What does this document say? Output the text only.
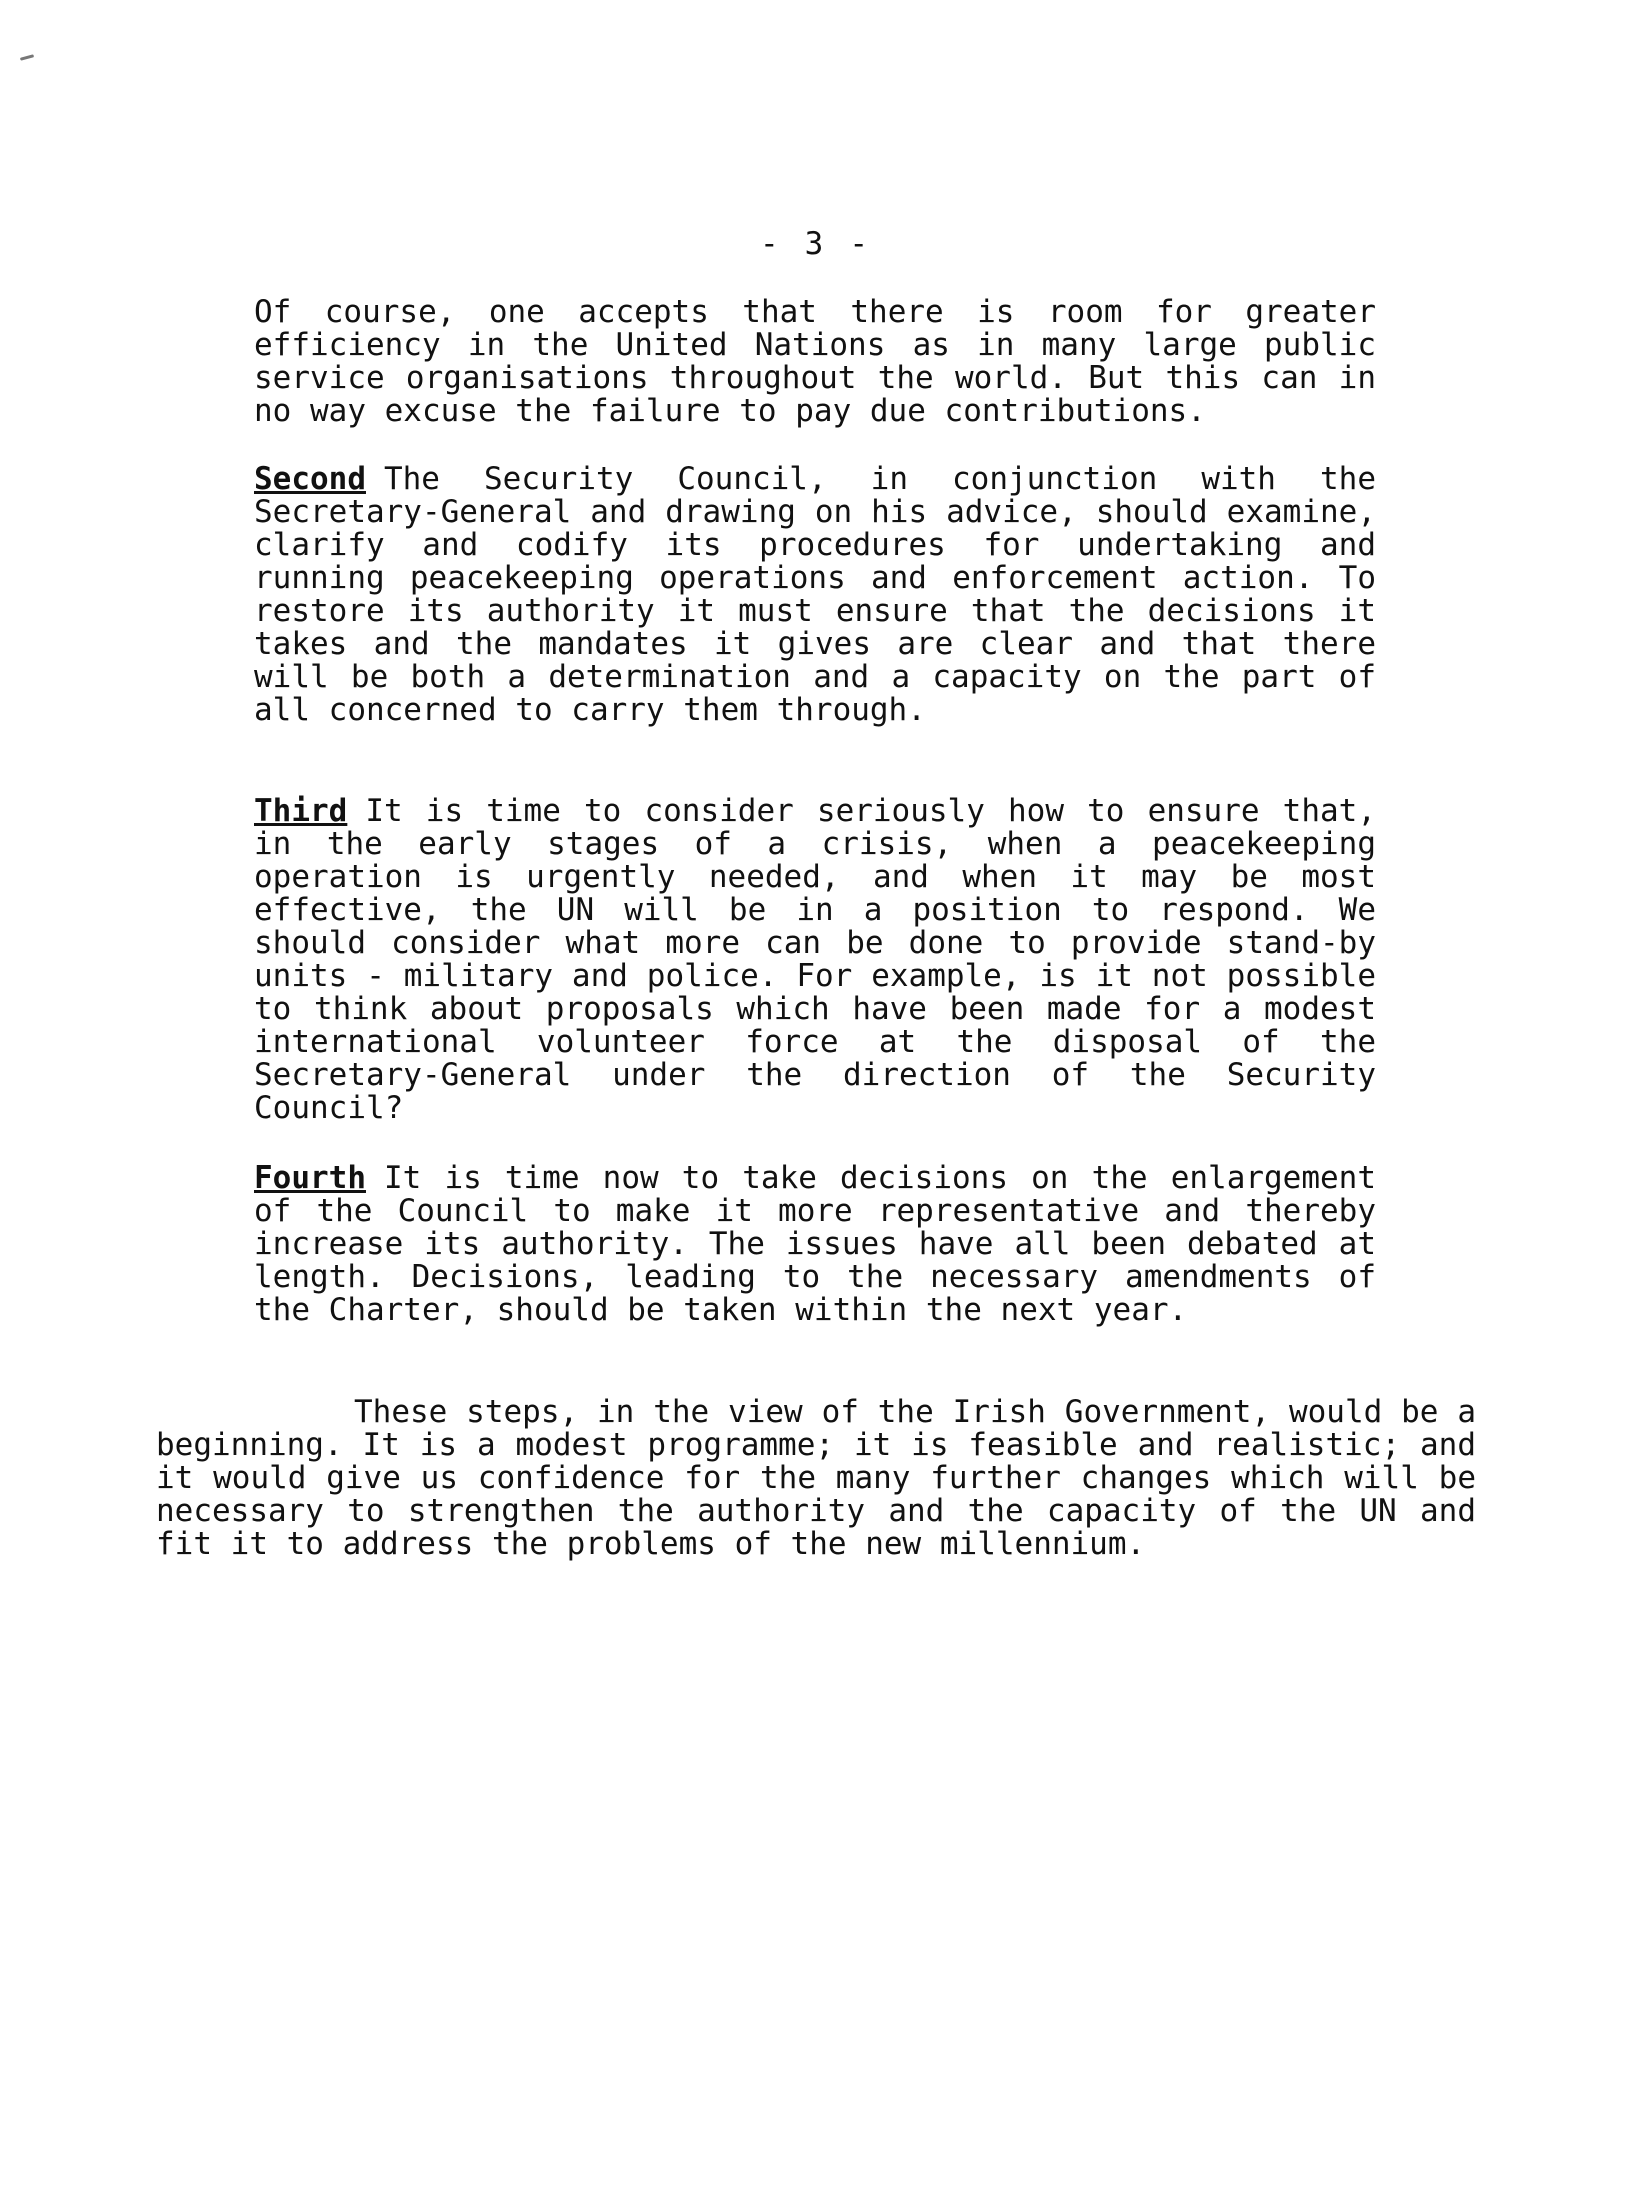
- 3 -

Of course, one accepts that there is room for greater efficiency in the United Nations as in many large public service organisations throughout the world. But this can in no way excuse the failure to pay due contributions.

Second The Security Council, in conjunction with the Secretary-General and drawing on his advice, should examine, clarify and codify its procedures for undertaking and running peacekeeping operations and enforcement action. To restore its authority it must ensure that the decisions it takes and the mandates it gives are clear and that there will be both a determination and a capacity on the part of all concerned to carry them through.

Third It is time to consider seriously how to ensure that, in the early stages of a crisis, when a peacekeeping operation is urgently needed, and when it may be most effective, the UN will be in a position to respond. We should consider what more can be done to provide stand-by units - military and police. For example, is it not possible to think about proposals which have been made for a modest international volunteer force at the disposal of the Secretary-General under the direction of the Security Council?

Fourth It is time now to take decisions on the enlargement of the Council to make it more representative and thereby increase its authority. The issues have all been debated at length. Decisions, leading to the necessary amendments of the Charter, should be taken within the next year.

These steps, in the view of the Irish Government, would be a beginning. It is a modest programme; it is feasible and realistic; and it would give us confidence for the many further changes which will be necessary to strengthen the authority and the capacity of the UN and fit it to address the problems of the new millennium.
